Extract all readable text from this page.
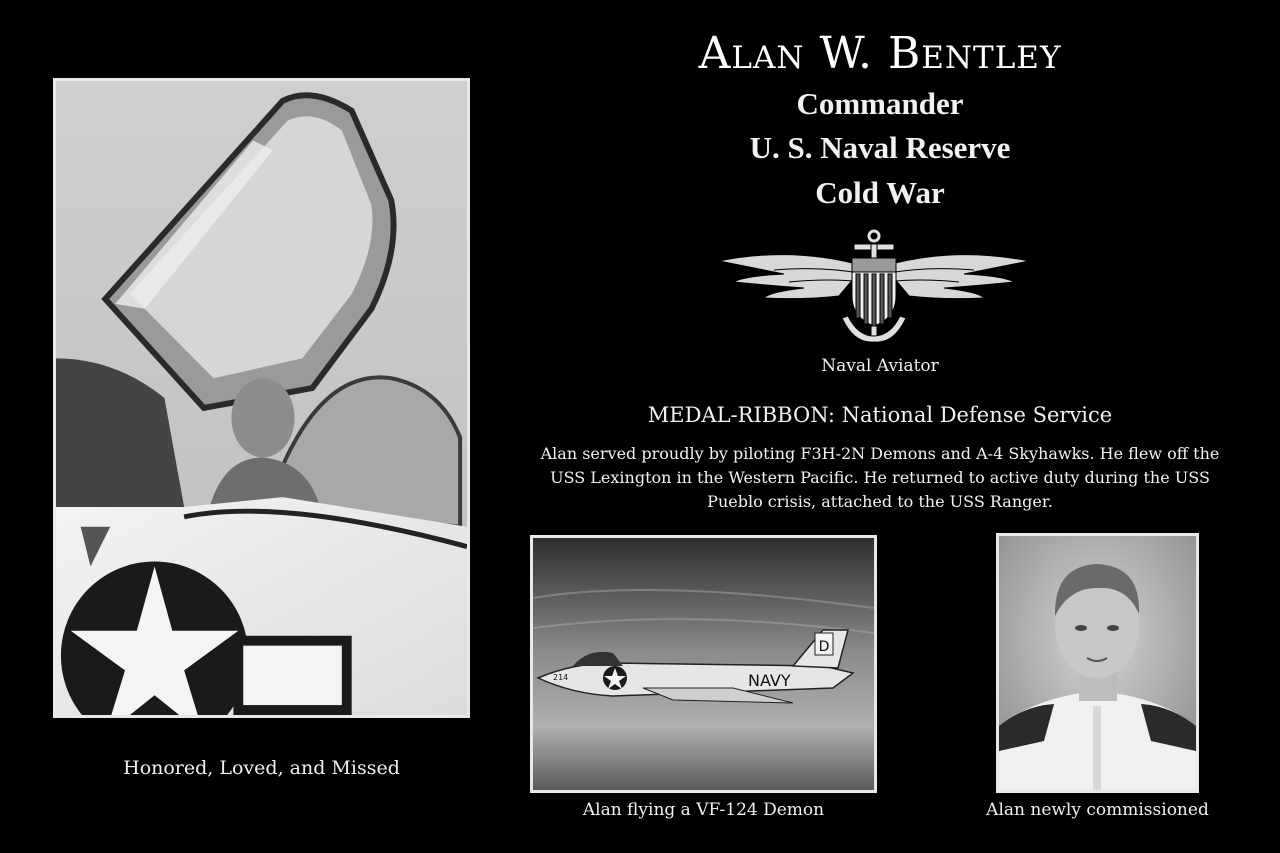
Honored, Loved, and Missed
Alan W. Bentley
Commander
U. S. Naval Reserve
Cold War
Naval Aviator
MEDAL-RIBBON: National Defense Service
Alan served proudly by piloting F3H-2N Demons and A-4 Skyhawks. He flew off the USS Lexington in the Western Pacific. He returned to active duty during the USS Pueblo crisis, attached to the USS Ranger.
D
NAVY
214
Alan flying a VF-124 Demon	Alan newly commissioned
